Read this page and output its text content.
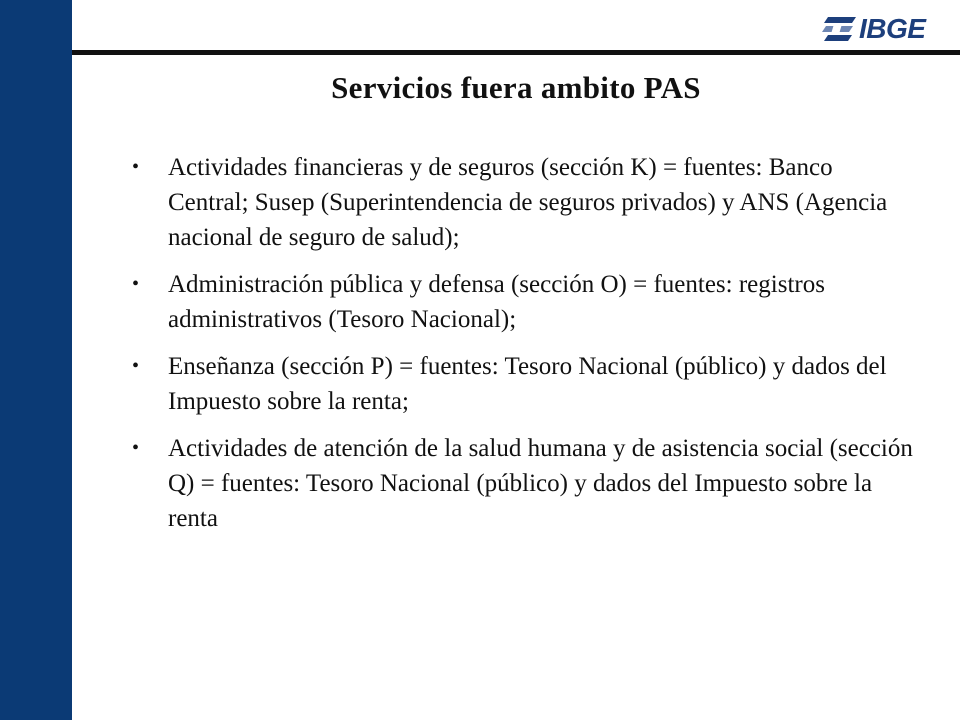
IBGE
Servicios fuera ambito PAS
• Actividades financieras y de seguros (sección K) = fuentes: Banco Central; Susep (Superintendencia de seguros privados) y ANS (Agencia nacional de seguro de salud);
• Administración pública y defensa (sección O) = fuentes: registros administrativos (Tesoro Nacional);
• Enseñanza (sección P) = fuentes: Tesoro Nacional (público) y dados del Impuesto sobre la renta;
• Actividades de atención de la salud humana y de asistencia social (sección Q) = fuentes: Tesoro Nacional (público) y dados del Impuesto sobre la renta
